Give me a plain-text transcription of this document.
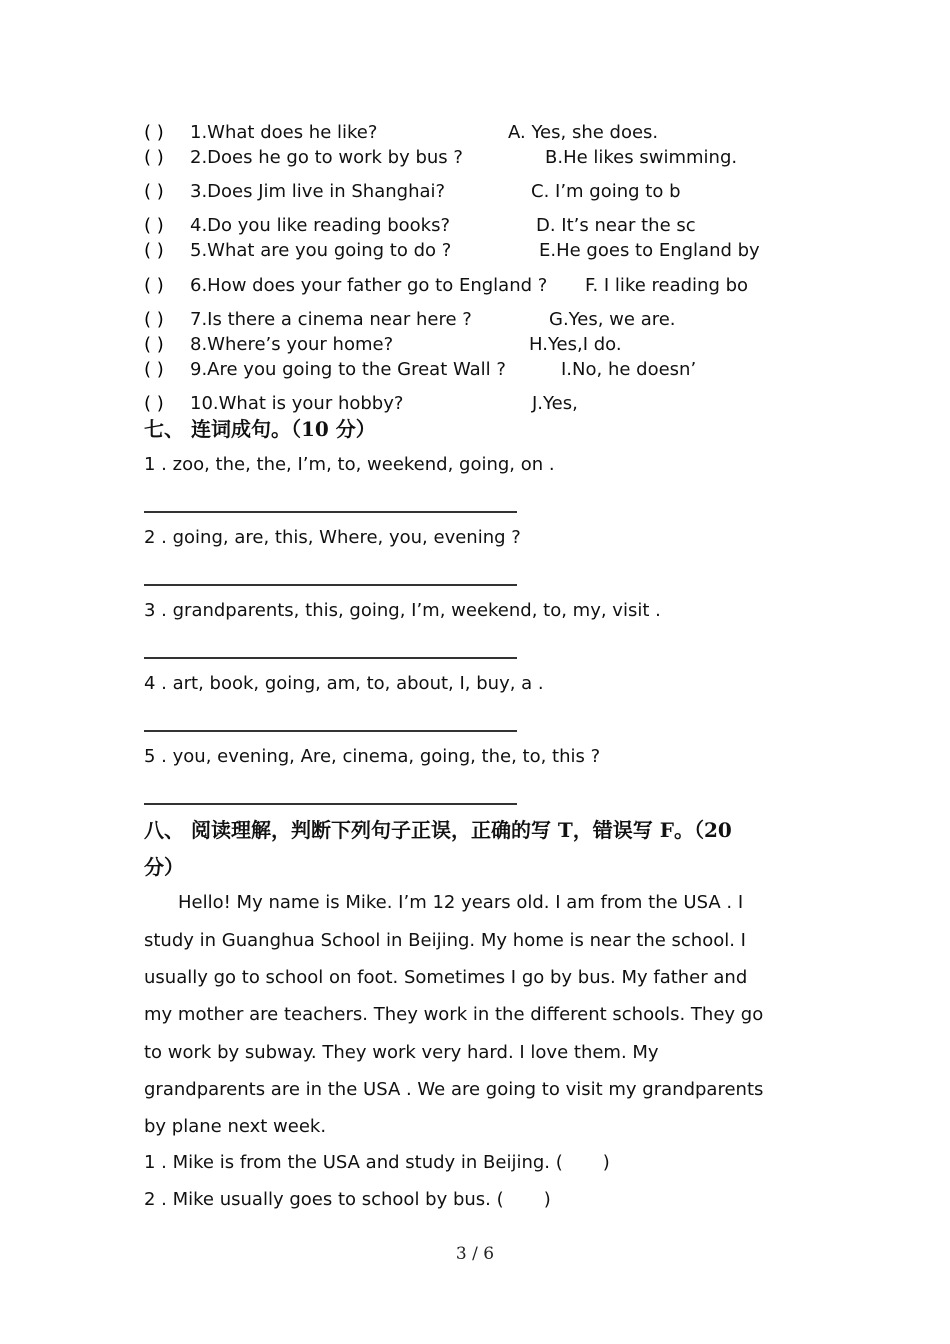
( ) 1.What does he like?	A. Yes, she does.
( ) 2.Does he go to work by bus ?	B.He likes swimming.
( ) 3.Does Jim live in Shanghai?	C. I’m going to b
( ) 4.Do you like reading books?	D. It’s near the sc
( ) 5.What are you going to do ?	E.He goes to England by
( ) 6.How does your father go to England ? F. I like reading bo
( ) 7.Is there a cinema near here ?	G.Yes, we are.
( ) 8.Where’s your home?	H.Yes,I do.
( ) 9.Are you going to the Great Wall ?	I.No, he doesn’
( ) 10.What is your hobby?	J.Yes,
七、 连词成句。（10 分）
1 . zoo, the, the, I’m, to, weekend, going, on .
2 . going, are, this, Where, you, evening ?
3 . grandparents, this, going, I’m, weekend, to, my, visit .
4 . art, book, going, am, to, about, I, buy, a .
5 . you, evening, Are, cinema, going, the, to, this ?
八、 阅读理解，判断下列句子正误，正确的写 T，错误写 F。（20
分）
Hello! My name is Mike. I’m 12 years old. I am from the USA . I
study in Guanghua School in Beijing. My home is near the school. I
usually go to school on foot. Sometimes I go by bus. My father and
my mother are teachers. They work in the different schools. They go
to work by subway. They work very hard. I love them. My
grandparents are in the USA . We are going to visit my grandparents
by plane next week.
1 . Mike is from the USA and study in Beijing. (       )
2 . Mike usually goes to school by bus. (       )
3 / 6
